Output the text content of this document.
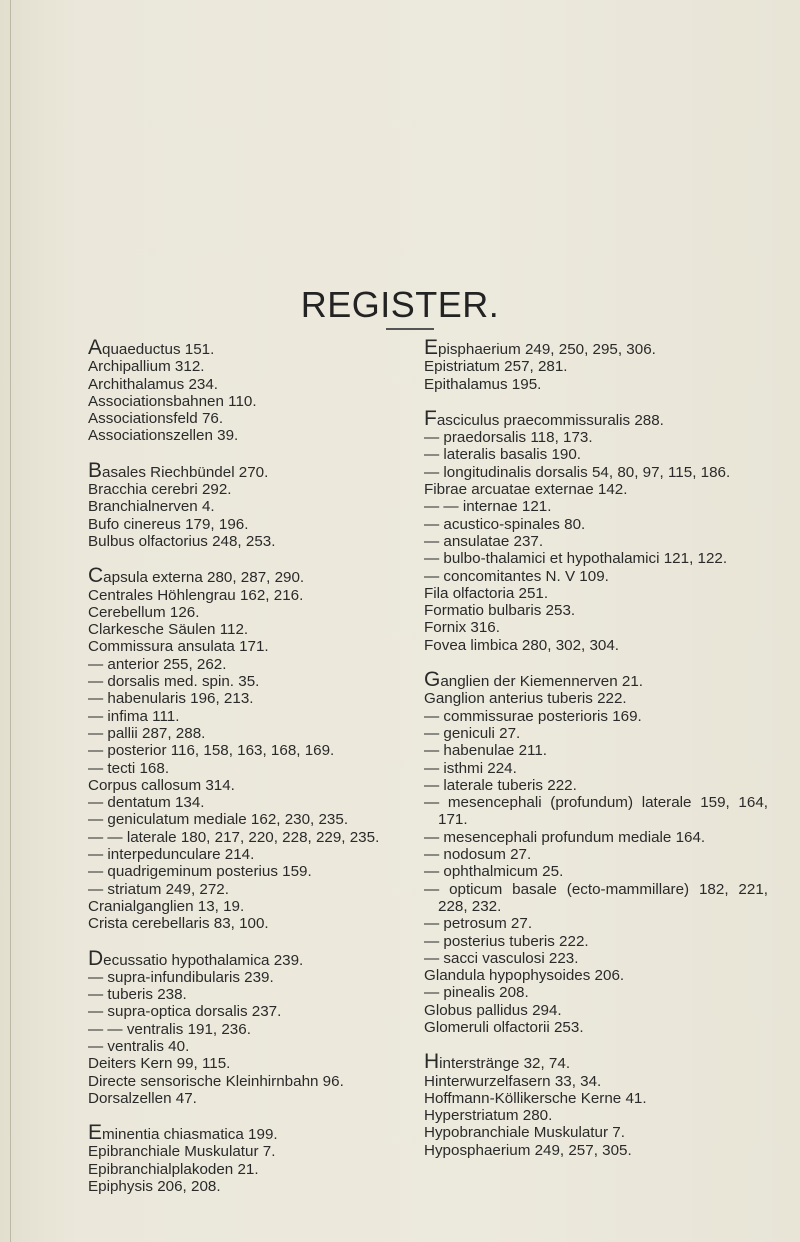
REGISTER.
Aquaeductus 151.
Archipallium 312.
Archithalamus 234.
Associationsbahnen 110.
Associationsfeld 76.
Associationszellen 39.
Basales Riechbündel 270.
Bracchia cerebri 292.
Branchialnerven 4.
Bufo cinereus 179, 196.
Bulbus olfactorius 248, 253.
Capsula externa 280, 287, 290.
Centrales Höhlengrau 162, 216.
Cerebellum 126.
Clarkesche Säulen 112.
Commissura ansulata 171.
— anterior 255, 262.
— dorsalis med. spin. 35.
— habenularis 196, 213.
— infima 111.
— pallii 287, 288.
— posterior 116, 158, 163, 168, 169.
— tecti 168.
Corpus callosum 314.
— dentatum 134.
— geniculatum mediale 162, 230, 235.
— — laterale 180, 217, 220, 228, 229, 235.
— interpedunculare 214.
— quadrigeminum posterius 159.
— striatum 249, 272.
Cranialganglien 13, 19.
Crista cerebellaris 83, 100.
Decussatio hypothalamica 239.
— supra-infundibularis 239.
— tuberis 238.
— supra-optica dorsalis 237.
— — ventralis 191, 236.
— ventralis 40.
Deiters Kern 99, 115.
Directe sensorische Kleinhirnbahn 96.
Dorsalzellen 47.
Eminentia chiasmatica 199.
Epibranchiale Muskulatur 7.
Epibranchialplakoden 21.
Epiphysis 206, 208.
Episphaerium 249, 250, 295, 306.
Epistriatum 257, 281.
Epithalamus 195.
Fasciculus praecommissuralis 288.
— praedorsalis 118, 173.
— lateralis basalis 190.
— longitudinalis dorsalis 54, 80, 97, 115, 186.
Fibrae arcuatae externae 142.
— — internae 121.
— acustico-spinales 80.
— ansulatae 237.
— bulbo-thalamici et hypothalamici 121, 122.
— concomitantes N. V 109.
Fila olfactoria 251.
Formatio bulbaris 253.
Fornix 316.
Fovea limbica 280, 302, 304.
Ganglien der Kiemennerven 21.
Ganglion anterius tuberis 222.
— commissurae posterioris 169.
— geniculi 27.
— habenulae 211.
— isthmi 224.
— laterale tuberis 222.
— mesencephali (profundum) laterale 159, 164, 171.
— mesencephali profundum mediale 164.
— nodosum 27.
— ophthalmicum 25.
— opticum basale (ecto-mammillare) 182, 221, 228, 232.
— petrosum 27.
— posterius tuberis 222.
— sacci vasculosi 223.
Glandula hypophysoides 206.
— pinealis 208.
Globus pallidus 294.
Glomeruli olfactorii 253.
Hinterstränge 32, 74.
Hinterwurzelfasern 33, 34.
Hoffmann-Köllikersche Kerne 41.
Hyperstriatum 280.
Hypobranchiale Muskulatur 7.
Hyposphaerium 249, 257, 305.
